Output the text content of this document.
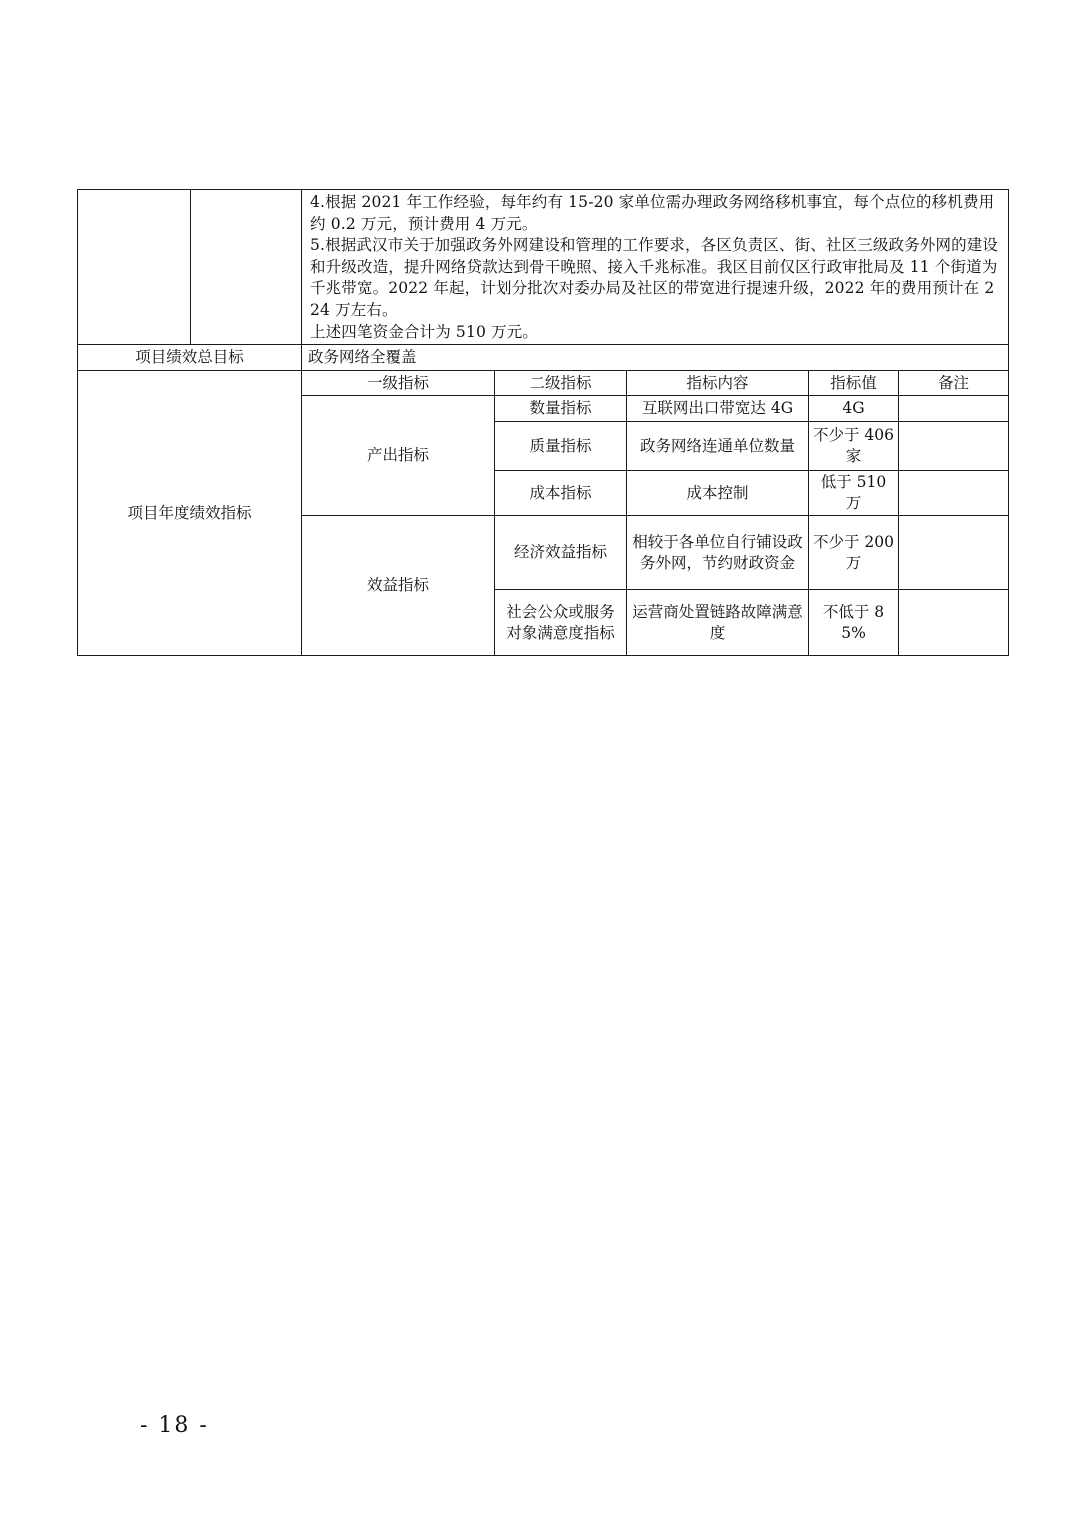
		4.根据 2021 年工作经验，每年约有 15-20 家单位需办理政务网络移机事宜，每个点位的移机费用约 0.2 万元，预计费用 4 万元。

5.根据武汉市关于加强政务外网建设和管理的工作要求，各区负责区、街、社区三级政务外网的建设和升级改造，提升网络贷款达到骨干晚照、接入千兆标准。我区目前仅区行政审批局及 11 个街道为千兆带宽。2022 年起，计划分批次对委办局及社区的带宽进行提速升级，2022 年的费用预计在 224 万左右。

上述四笔资金合计为 510 万元。				

项目绩效总目标		政务网络全覆盖				
项目年度绩效指标		一级指标	二级指标	指标内容	指标值	备注
		产出指标	数量指标	互联网出口带宽达 4G	4G	
			质量指标	政务网络连通单位数量	不少于 406 家	
			成本指标	成本控制	低于 510 万	
		效益指标	经济效益指标	相较于各单位自行铺设政务外网，节约财政资金	不少于 200 万	
			社会公众或服务对象满意度指标	运营商处置链路故障满意度	不低于 85%	
- 18 -
